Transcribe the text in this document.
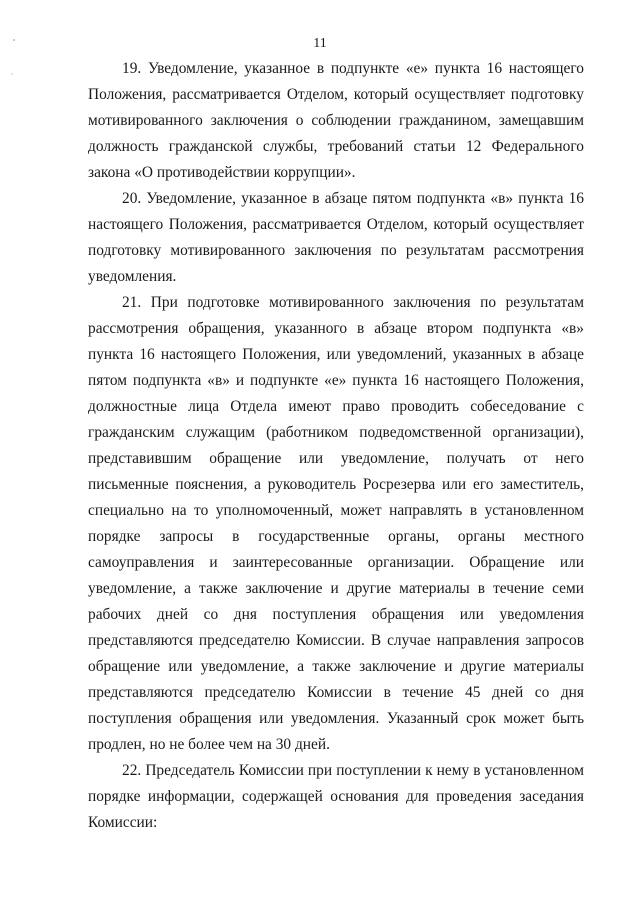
11

19. Уведомление, указанное в подпункте «е» пункта 16 настоящего Положения, рассматривается Отделом, который осуществляет подготовку мотивированного заключения о соблюдении гражданином, замещавшим должность гражданской службы, требований статьи 12 Федерального закона «О противодействии коррупции».

20. Уведомление, указанное в абзаце пятом подпункта «в» пункта 16 настоящего Положения, рассматривается Отделом, который осуществляет подготовку мотивированного заключения по результатам рассмотрения уведомления.

21. При подготовке мотивированного заключения по результатам рассмотрения обращения, указанного в абзаце втором подпункта «в» пункта 16 настоящего Положения, или уведомлений, указанных в абзаце пятом подпункта «в» и подпункте «е» пункта 16 настоящего Положения, должностные лица Отдела имеют право проводить собеседование с гражданским служащим (работником подведомственной организации), представившим обращение или уведомление, получать от него письменные пояснения, а руководитель Росрезерва или его заместитель, специально на то уполномоченный, может направлять в установленном порядке запросы в государственные органы, органы местного самоуправления и заинтересованные организации. Обращение или уведомление, а также заключение и другие материалы в течение семи рабочих дней со дня поступления обращения или уведомления представляются председателю Комиссии. В случае направления запросов обращение или уведомление, а также заключение и другие материалы представляются председателю Комиссии в течение 45 дней со дня поступления обращения или уведомления. Указанный срок может быть продлен, но не более чем на 30 дней.

22. Председатель Комиссии при поступлении к нему в установленном порядке информации, содержащей основания для проведения заседания Комиссии:
